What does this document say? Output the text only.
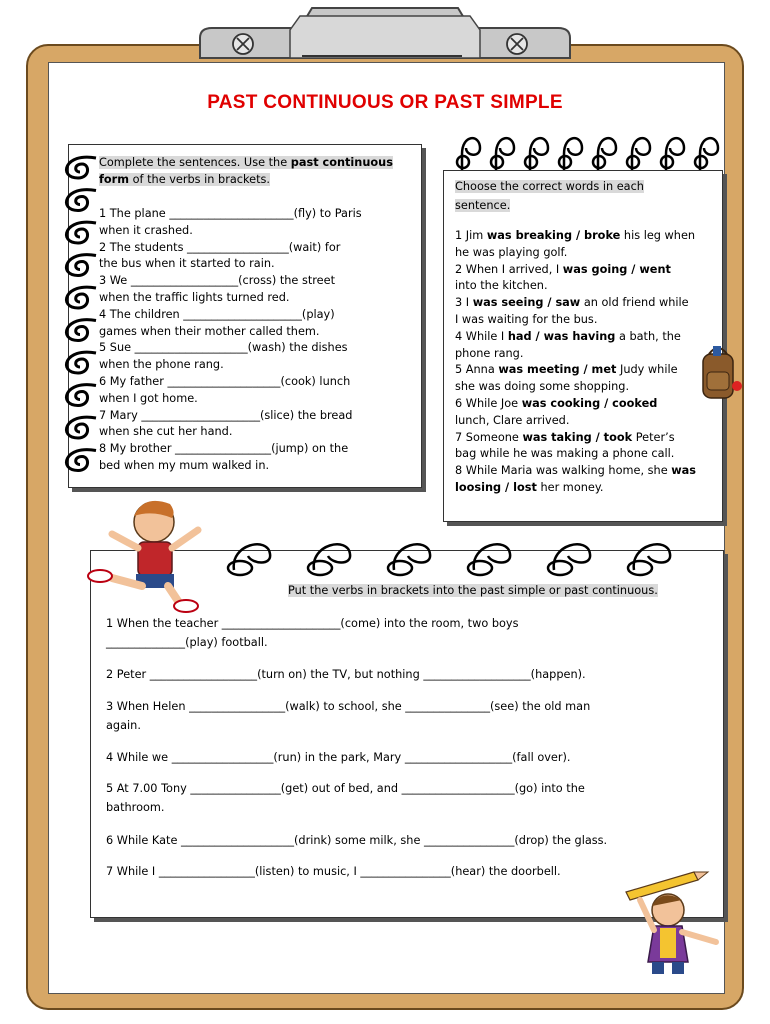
PAST CONTINUOUS OR PAST SIMPLE
Complete the sentences. Use the past continuous
form of the verbs in brackets.
1 The plane ______________________(fly) to Paris
when it crashed.
2 The students __________________(wait) for
the bus when it started to rain.
3 We ___________________(cross) the street
when the traffic lights turned red.
4 The children _____________________(play)
games when their mother called them.
5 Sue ____________________(wash) the dishes
when the phone rang.
6 My father ____________________(cook) lunch
when I got home.
7 Mary _____________________(slice) the bread
when she cut her hand.
8 My brother _________________(jump) on the
bed when my mum walked in.
Choose the correct words in each
sentence.
1 Jim was breaking / broke his leg when
he was playing golf.
2 When I arrived, I was going / went
into the kitchen.
3 I was seeing / saw an old friend while
I was waiting for the bus.
4 While I had / was having a bath, the
phone rang.
5 Anna was meeting / met Judy while
she was doing some shopping.
6 While Joe was cooking / cooked
lunch, Clare arrived.
7 Someone was taking / took Peter’s
bag while he was making a phone call.
8 While Maria was walking home, she was
loosing / lost her money.
Put the verbs in brackets into the past simple or past continuous.

1 When the teacher _____________________(come) into the room, two boys

______________(play) football.

2 Peter ___________________(turn on) the TV, but nothing ___________________(happen).

3 When Helen _________________(walk) to school, she _______________(see) the old man

again.

4 While we __________________(run) in the park, Mary ___________________(fall over).

5 At 7.00 Tony ________________(get) out of bed, and ____________________(go) into the

bathroom.

6 While Kate ____________________(drink) some milk, she ________________(drop) the glass.

7 While I _________________(listen) to music, I ________________(hear) the doorbell.
